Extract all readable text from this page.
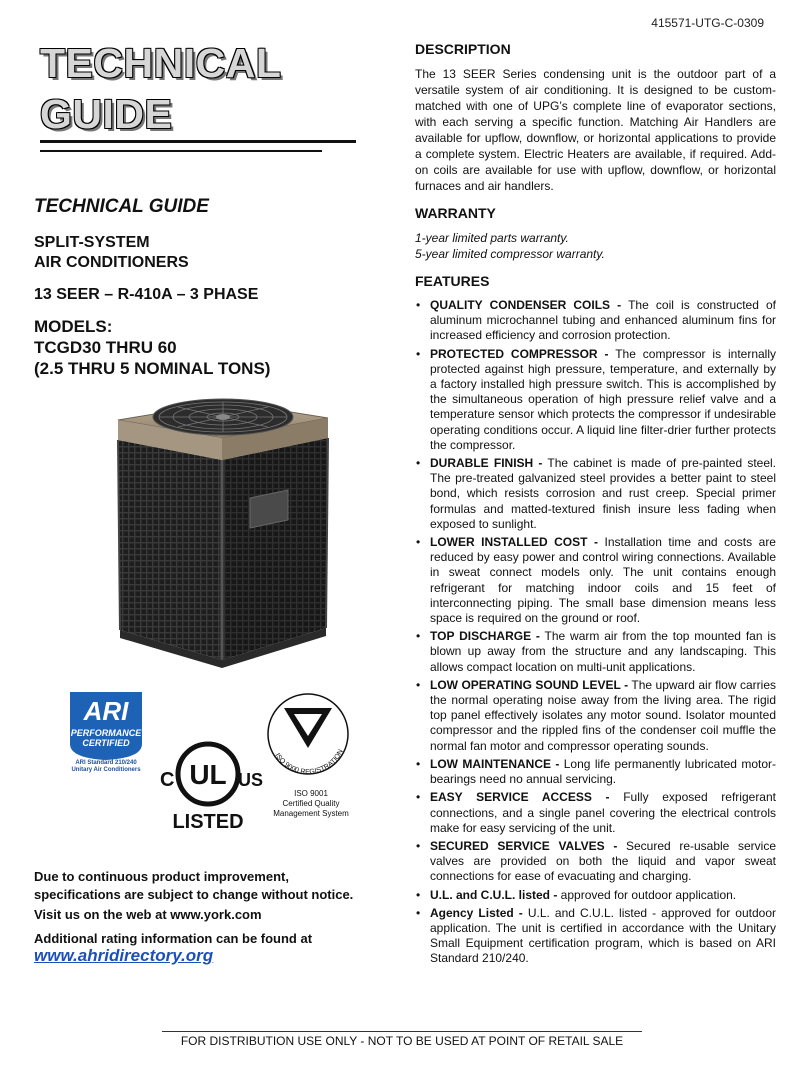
415571-UTG-C-0309
TECHNICAL
GUIDE
TECHNICAL GUIDE
SPLIT-SYSTEM
AIR CONDITIONERS
13 SEER – R-410A – 3 PHASE
MODELS:
TCGD30 THRU 60
(2.5 THRU 5 NOMINAL TONS)
ARI
PERFORMANCE
CERTIFIED
ARI Standard 210/240
Unitary Air Conditioners	UL
C	US
LISTED
ISO 9000 REGISTRATION
ISO 9001
Certified Quality
Management System
Due to continuous product improvement, specifications are subject to change without notice.
Visit us on the web at www.york.com
Additional rating information can be found at
www.ahridirectory.org
DESCRIPTION

The 13 SEER Series condensing unit is the outdoor part of a versatile system of air conditioning. It is designed to be custom-matched with one of UPG’s complete line of evaporator sections, with each serving a specific function. Matching Air Handlers are available for upflow, downflow, or horizontal applications to provide a complete system. Electric Heaters are available, if required. Add-on coils are available for use with upflow, downflow, or horizontal furnaces and air handlers.

WARRANTY

1-year limited parts warranty.

5-year limited compressor warranty.

FEATURES
• QUALITY CONDENSER COILS - The coil is constructed of aluminum microchannel tubing and enhanced aluminum fins for increased efficiency and corrosion protection.
• PROTECTED COMPRESSOR - The compressor is internally protected against high pressure, temperature, and externally by a factory installed high pressure switch. This is accomplished by the simultaneous operation of high pressure relief valve and a temperature sensor which protects the compressor if undesirable operating conditions occur. A liquid line filter-drier further protects the compressor.
• DURABLE FINISH - The cabinet is made of pre-painted steel. The pre-treated galvanized steel provides a better paint to steel bond, which resists corrosion and rust creep. Special primer formulas and matted-textured finish insure less fading when exposed to sunlight.
• LOWER INSTALLED COST - Installation time and costs are reduced by easy power and control wiring connections. Available in sweat connect models only. The unit contains enough refrigerant for matching indoor coils and 15 feet of interconnecting piping. The small base dimension means less space is required on the ground or roof.
• TOP DISCHARGE - The warm air from the top mounted fan is blown up away from the structure and any landscaping. This allows compact location on multi-unit applications.
• LOW OPERATING SOUND LEVEL - The upward air flow carries the normal operating noise away from the living area. The rigid top panel effectively isolates any motor sound. Isolator mounted compressor and the rippled fins of the condenser coil muffle the normal fan motor and compressor operating sounds.
• LOW MAINTENANCE - Long life permanently lubricated motor-bearings need no annual servicing.
• EASY SERVICE ACCESS - Fully exposed refrigerant connections, and a single panel covering the electrical controls make for easy servicing of the unit.
• SECURED SERVICE VALVES - Secured re-usable service valves are provided on both the liquid and vapor sweat connections for ease of evacuating and charging.
• U.L. and C.U.L. listed - approved for outdoor application.
• Agency Listed - U.L. and C.U.L. listed - approved for outdoor application. The unit is certified in accordance with the Unitary Small Equipment certification program, which is based on ARI Standard 210/240.
FOR DISTRIBUTION USE ONLY - NOT TO BE USED AT POINT OF RETAIL SALE
